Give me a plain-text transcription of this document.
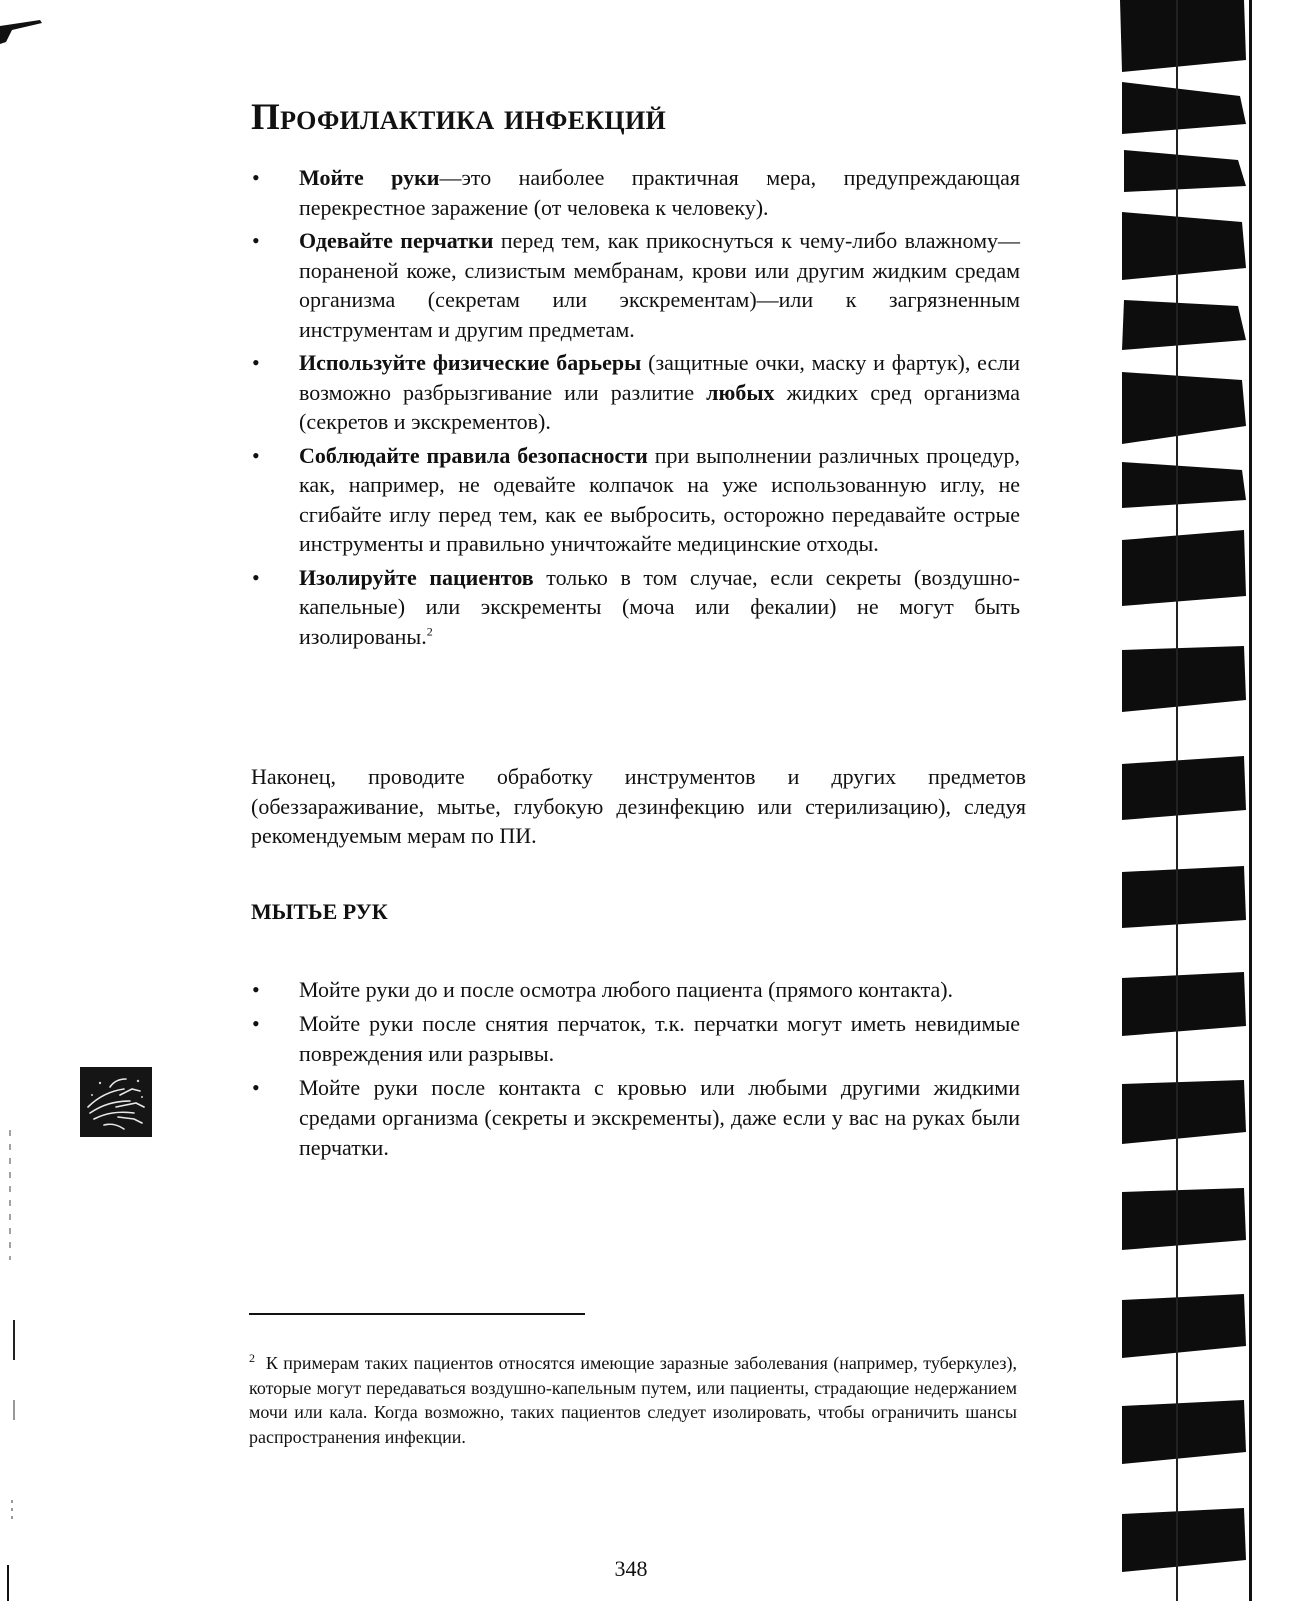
Профилактика инфекций
• Мойте руки—это наиболее практичная мера, предупреждающая перекрестное заражение (от человека к человеку).
• Одевайте перчатки перед тем, как прикоснуться к чему-либо влажному—пораненой коже, слизистым мембранам, крови или другим жидким средам организма (секретам или экскрементам)—или к загрязненным инструментам и другим предметам.
• Используйте физические барьеры (защитные очки, маску и фартук), если возможно разбрызгивание или разлитие любых жидких сред организма (секретов и экскрементов).
• Соблюдайте правила безопасности при выполнении различных процедур, как, например, не одевайте колпачок на уже использованную иглу, не сгибайте иглу перед тем, как ее выбросить, осторожно передавайте острые инструменты и правильно уничтожайте медицинские отходы.
• Изолируйте пациентов только в том случае, если секреты (воздушно-капельные) или экскременты (моча или фекалии) не могут быть изолированы.$^2$

Наконец, проводите обработку инструментов и других предметов (обеззараживание, мытье, глубокую дезинфекцию или стерилизацию), следуя рекомендуемым мерам по ПИ.

МЫТЬЕ РУК
• Мойте руки до и после осмотра любого пациента (прямого контакта).
• Мойте руки после снятия перчаток, т.к. перчатки могут иметь невидимые повреждения или разрывы.
• Мойте руки после контакта с кровью или любыми другими жидкими средами организма (секреты и экскременты), даже если у вас на руках были перчатки.

$^2$ К примерам таких пациентов относятся имеющие заразные заболевания (например, туберкулез), которые могут передаваться воздушно-капельным путем, или пациенты, страдающие недержанием мочи или кала. Когда возможно, таких пациентов следует изолировать, чтобы ограничить шансы распространения инфекции.

348
